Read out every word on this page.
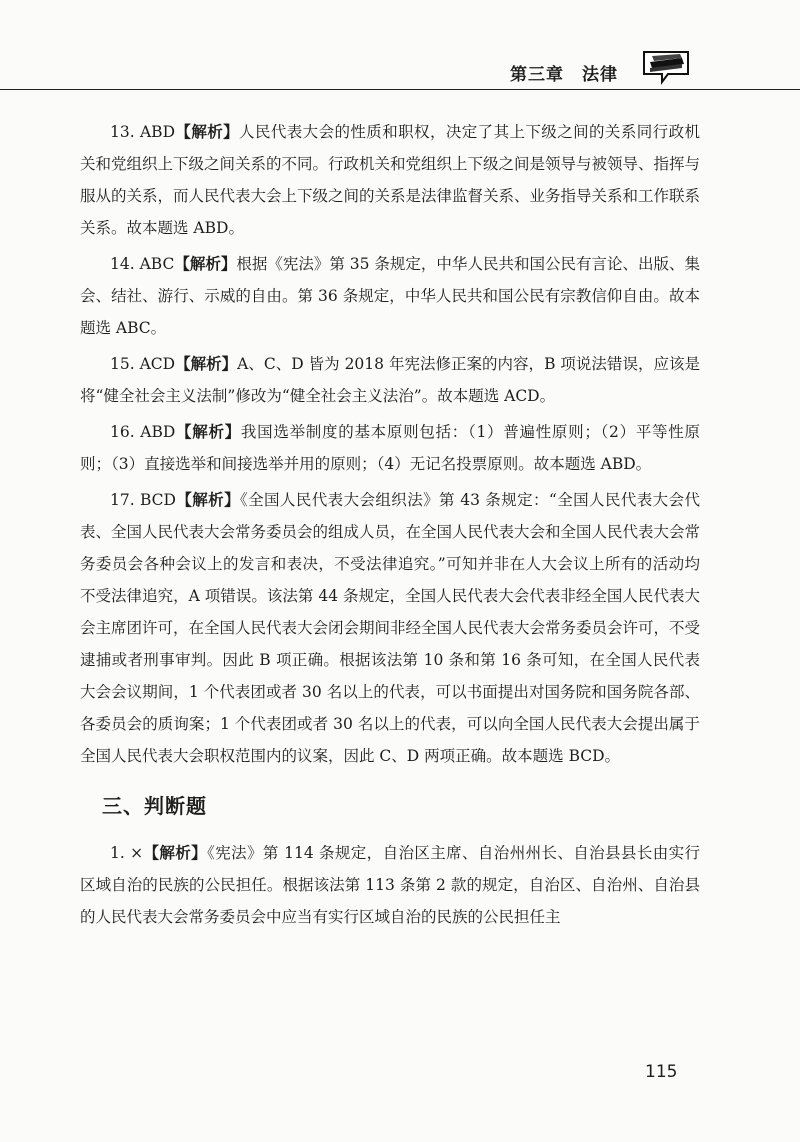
第三章　法律

13. ABD【解析】人民代表大会的性质和职权，决定了其上下级之间的关系同行政机关和党组织上下级之间关系的不同。行政机关和党组织上下级之间是领导与被领导、指挥与服从的关系，而人民代表大会上下级之间的关系是法律监督关系、业务指导关系和工作联系关系。故本题选 ABD。

14. ABC【解析】根据《宪法》第 35 条规定，中华人民共和国公民有言论、出版、集会、结社、游行、示威的自由。第 36 条规定，中华人民共和国公民有宗教信仰自由。故本题选 ABC。

15. ACD【解析】A、C、D 皆为 2018 年宪法修正案的内容，B 项说法错误，应该是将“健全社会主义法制”修改为“健全社会主义法治”。故本题选 ACD。

16. ABD【解析】我国选举制度的基本原则包括：（1）普遍性原则；（2）平等性原则；（3）直接选举和间接选举并用的原则；（4）无记名投票原则。故本题选 ABD。

17. BCD【解析】《全国人民代表大会组织法》第 43 条规定：“全国人民代表大会代表、全国人民代表大会常务委员会的组成人员，在全国人民代表大会和全国人民代表大会常务委员会各种会议上的发言和表决，不受法律追究。”可知并非在人大会议上所有的活动均不受法律追究，A 项错误。该法第 44 条规定，全国人民代表大会代表非经全国人民代表大会主席团许可，在全国人民代表大会闭会期间非经全国人民代表大会常务委员会许可，不受逮捕或者刑事审判。因此 B 项正确。根据该法第 10 条和第 16 条可知，在全国人民代表大会会议期间，1 个代表团或者 30 名以上的代表，可以书面提出对国务院和国务院各部、各委员会的质询案；1 个代表团或者 30 名以上的代表，可以向全国人民代表大会提出属于全国人民代表大会职权范围内的议案，因此 C、D 两项正确。故本题选 BCD。

三、判断题

1. ×【解析】《宪法》第 114 条规定，自治区主席、自治州州长、自治县县长由实行区域自治的民族的公民担任。根据该法第 113 条第 2 款的规定，自治区、自治州、自治县的人民代表大会常务委员会中应当有实行区域自治的民族的公民担任主

115
